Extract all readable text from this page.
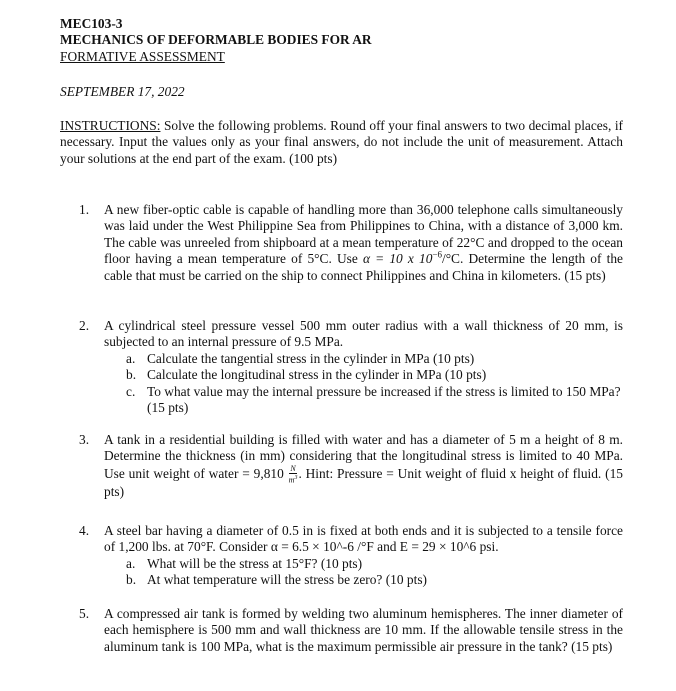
MEC103-3
MECHANICS OF DEFORMABLE BODIES FOR AR
FORMATIVE ASSESSMENT
SEPTEMBER 17, 2022
INSTRUCTIONS: Solve the following problems. Round off your final answers to two decimal places, if necessary. Input the values only as your final answers, do not include the unit of measurement. Attach your solutions at the end part of the exam. (100 pts)
1.	A new fiber-optic cable is capable of handling more than 36,000 telephone calls simultaneously was laid under the West Philippine Sea from Philippines to China, with a distance of 3,000 km. The cable was unreeled from shipboard at a mean temperature of 22°C and dropped to the ocean floor having a mean temperature of 5°C. Use α = 10 x $10^{-6}/^\circ C$. Determine the length of the cable that must be carried on the ship to connect Philippines and China in kilometers. (15 pts)
2.	A cylindrical steel pressure vessel 500 mm outer radius with a wall thickness of 20 mm, is subjected to an internal pressure of 9.5 MPa.
a. Calculate the tangential stress in the cylinder in MPa (10 pts)
b. Calculate the longitudinal stress in the cylinder in MPa (10 pts)
c. To what value may the internal pressure be increased if the stress is limited to 150 MPa? (15 pts)
3.	A tank in a residential building is filled with water and has a diameter of 5 m a height of 8 m. Determine the thickness (in mm) considering that the longitudinal stress is limited to 40 MPa. Use unit weight of water = $9,810 \frac{N}{m^3}$ . Hint: Pressure = Unit weight of fluid x height of fluid. (15 pts)
4.	A steel bar having a diameter of 0.5 in is fixed at both ends and it is subjected to a tensile force of 1,200 lbs. at 70°F. Consider α = 6.5 × 10^-6 /°F and E = 29 × 10^6 psi.
a. What will be the stress at 15°F? (10 pts)
b. At what temperature will the stress be zero? (10 pts)
5.	A compressed air tank is formed by welding two aluminum hemispheres. The inner diameter of each hemisphere is 500 mm and wall thickness are 10 mm. If the allowable tensile stress in the aluminum tank is 100 MPa, what is the maximum permissible air pressure in the tank? (15 pts)
